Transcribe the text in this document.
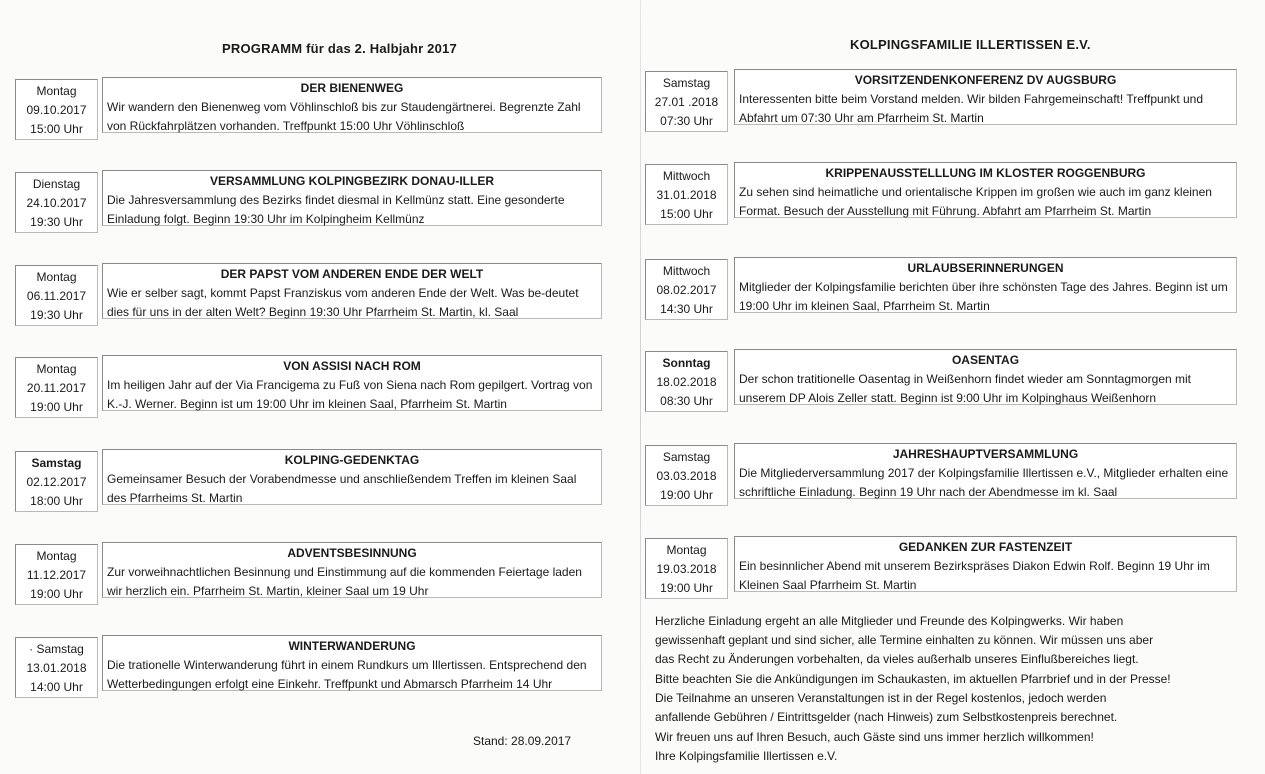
PROGRAMM für das 2. Halbjahr 2017	KOLPINGSFAMILIE ILLERTISSEN E.V.
Montag
09.10.2017
15:00 Uhr
DER BIENENWEG
Wir wandern den Bienenweg vom Vöhlinschloß bis zur Staudengärtnerei. Begrenzte Zahl von Rückfahrplätzen vorhanden. Treffpunkt 15:00 Uhr Vöhlinschloß
Dienstag
24.10.2017
19:30 Uhr
VERSAMMLUNG KOLPINGBEZIRK DONAU-ILLER
Die Jahresversammlung des Bezirks findet diesmal in Kellmünz statt. Eine gesonderte Einladung folgt. Beginn 19:30 Uhr im Kolpingheim Kellmünz
Montag
06.11.2017
19:30 Uhr
DER PAPST VOM ANDEREN ENDE DER WELT
Wie er selber sagt, kommt Papst Franziskus vom anderen Ende der Welt. Was be-deutet dies für uns in der alten Welt? Beginn 19:30 Uhr Pfarrheim St. Martin, kl. Saal
Montag
20.11.2017
19:00 Uhr
VON ASSISI NACH ROM
Im heiligen Jahr auf der Via Francigema zu Fuß von Siena nach Rom gepilgert. Vortrag von K.-J. Werner. Beginn ist um 19:00 Uhr im kleinen Saal, Pfarrheim St. Martin
Samstag
02.12.2017
18:00 Uhr
KOLPING-GEDENKTAG
Gemeinsamer Besuch der Vorabendmesse und anschließendem Treffen im kleinen Saal des Pfarrheims St. Martin
Montag
11.12.2017
19:00 Uhr
ADVENTSBESINNUNG
Zur vorweihnachtlichen Besinnung und Einstimmung auf die kommenden Feiertage laden wir herzlich ein. Pfarrheim St. Martin, kleiner Saal um 19 Uhr
· Samstag
13.01.2018
14:00 Uhr
WINTERWANDERUNG
Die trationelle Winterwanderung führt in einem Rundkurs um Illertissen. Entsprechend den Wetterbedingungen erfolgt eine Einkehr. Treffpunkt und Abmarsch Pfarrheim 14 Uhr
Samstag
27.01 .2018
07:30 Uhr
VORSITZENDENKONFERENZ DV AUGSBURG
Interessenten bitte beim Vorstand melden. Wir bilden Fahrgemeinschaft! Treffpunkt und Abfahrt um 07:30 Uhr am Pfarrheim St. Martin
Mittwoch
31.01.2018
15:00 Uhr
KRIPPENAUSSTELLLUNG IM KLOSTER ROGGENBURG
Zu sehen sind heimatliche und orientalische Krippen im großen wie auch im ganz kleinen Format. Besuch der Ausstellung mit Führung. Abfahrt am Pfarrheim St. Martin
Mittwoch
08.02.2017
14:30 Uhr
URLAUBSERINNERUNGEN
Mitglieder der Kolpingsfamilie berichten über ihre schönsten Tage des Jahres. Beginn ist um 19:00 Uhr im kleinen Saal, Pfarrheim St. Martin
Sonntag
18.02.2018
08:30 Uhr
OASENTAG
Der schon tratitionelle Oasentag in Weißenhorn findet wieder am Sonntagmorgen mit unserem DP Alois Zeller statt. Beginn ist 9:00 Uhr im Kolpinghaus Weißenhorn
Samstag
03.03.2018
19:00 Uhr
JAHRESHAUPTVERSAMMLUNG
Die Mitgliederversammlung 2017 der Kolpingsfamilie Illertissen e.V., Mitglieder erhalten eine schriftliche Einladung. Beginn 19 Uhr nach der Abendmesse im kl. Saal
Montag
19.03.2018
19:00 Uhr
GEDANKEN ZUR FASTENZEIT
Ein besinnlicher Abend mit unserem Bezirkspräses Diakon Edwin Rolf. Beginn 19 Uhr im Kleinen Saal Pfarrheim St. Martin
Stand: 28.09.2017
Herzliche Einladung ergeht an alle Mitglieder und Freunde des Kolpingwerks. Wir haben
gewissenhaft geplant und sind sicher, alle Termine einhalten zu können. Wir müssen uns aber
das Recht zu Änderungen vorbehalten, da vieles außerhalb unseres Einflußbereiches liegt.
Bitte beachten Sie die Ankündigungen im Schaukasten, im aktuellen Pfarrbrief und in der Presse!
Die Teilnahme an unseren Veranstaltungen ist in der Regel kostenlos, jedoch werden
anfallende Gebühren / Eintrittsgelder (nach Hinweis) zum Selbstkostenpreis berechnet.
Wir freuen uns auf Ihren Besuch, auch Gäste sind uns immer herzlich willkommen!
Ihre Kolpingsfamilie Illertissen e.V.
